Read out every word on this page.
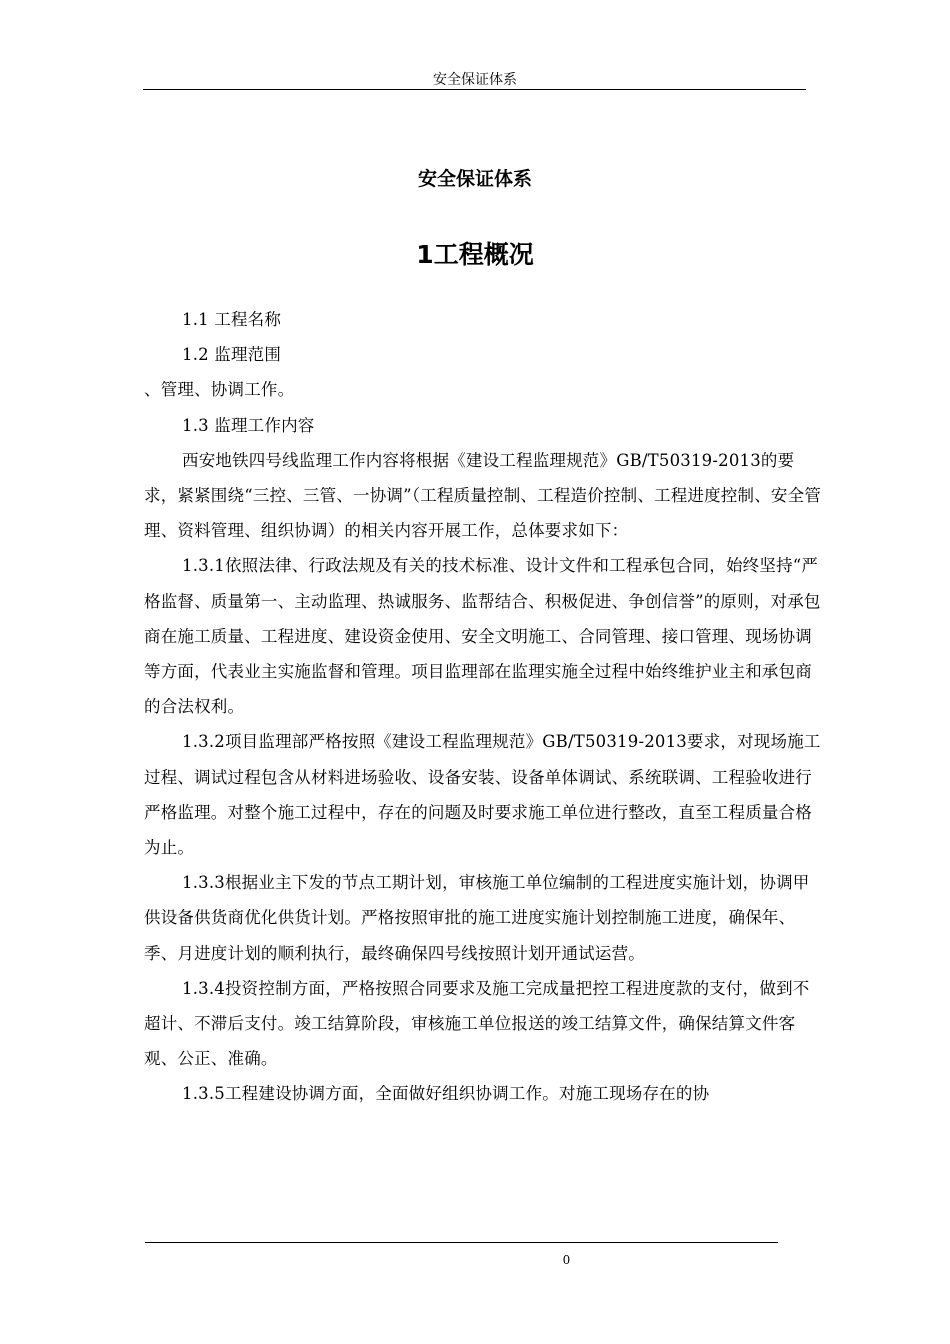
安全保证体系
安全保证体系
1工程概况

1.1 工程名称

1.2 监理范围

、管理、协调工作。

1.3 监理工作内容

西安地铁四号线监理工作内容将根据《建设工程监理规范》GB/T50319-2013的要求，紧紧围绕“三控、三管、一协调”（工程质量控制、工程造价控制、工程进度控制、安全管理、资料管理、组织协调）的相关内容开展工作，总体要求如下：

1.3.1依照法律、行政法规及有关的技术标准、设计文件和工程承包合同，始终坚持“严格监督、质量第一、主动监理、热诚服务、监帮结合、积极促进、争创信誉”的原则，对承包商在施工质量、工程进度、建设资金使用、安全文明施工、合同管理、接口管理、现场协调等方面，代表业主实施监督和管理。项目监理部在监理实施全过程中始终维护业主和承包商的合法权利。

1.3.2项目监理部严格按照《建设工程监理规范》GB/T50319-2013要求，对现场施工过程、调试过程包含从材料进场验收、设备安装、设备单体调试、系统联调、工程验收进行严格监理。对整个施工过程中，存在的问题及时要求施工单位进行整改，直至工程质量合格为止。

1.3.3根据业主下发的节点工期计划，审核施工单位编制的工程进度实施计划，协调甲供设备供货商优化供货计划。严格按照审批的施工进度实施计划控制施工进度，确保年、季、月进度计划的顺利执行，最终确保四号线按照计划开通试运营。

1.3.4投资控制方面，严格按照合同要求及施工完成量把控工程进度款的支付，做到不超计、不滞后支付。竣工结算阶段，审核施工单位报送的竣工结算文件，确保结算文件客观、公正、准确。

1.3.5工程建设协调方面，全面做好组织协调工作。对施工现场存在的协

0
